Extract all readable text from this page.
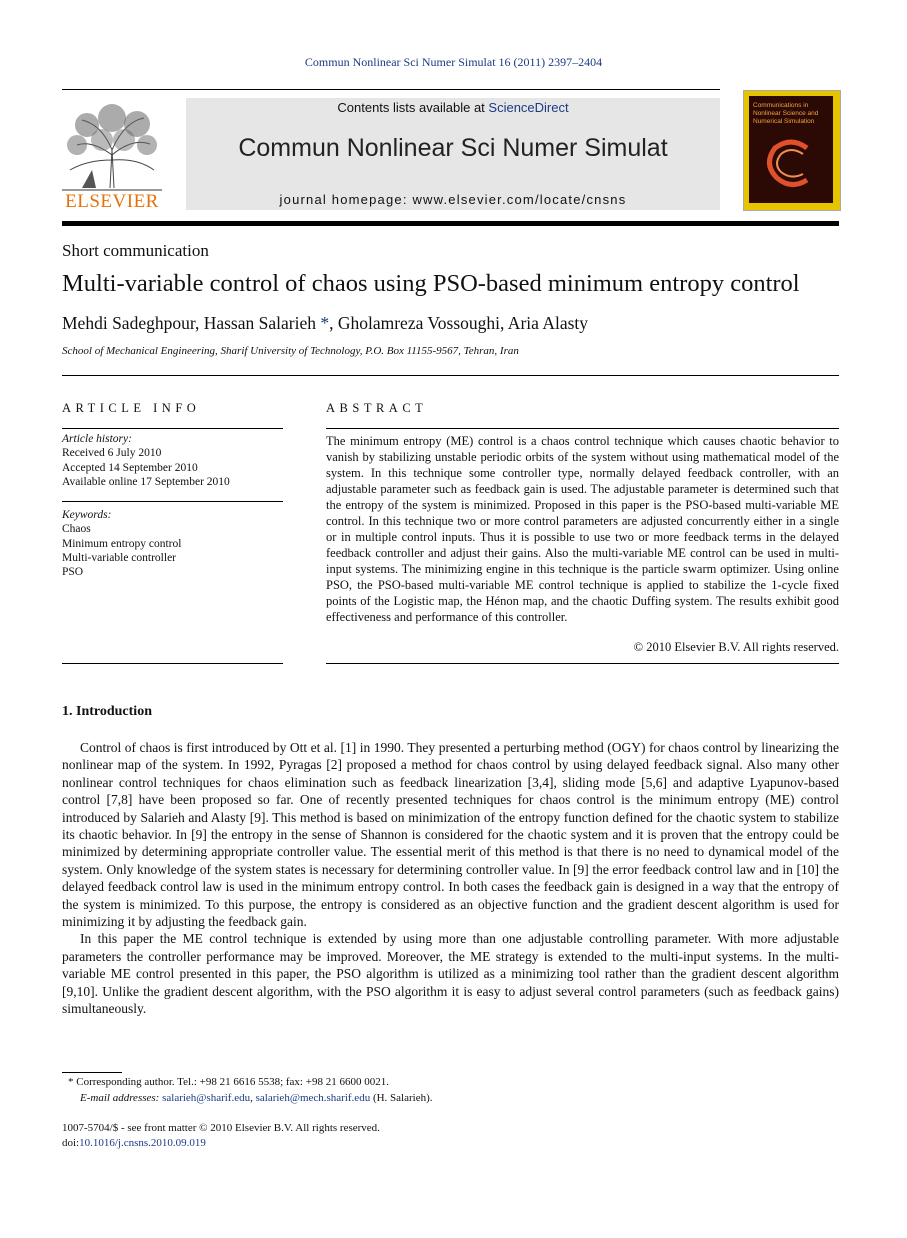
Commun Nonlinear Sci Numer Simulat 16 (2011) 2397–2404
ELSEVIER
Contents lists available at ScienceDirect
Commun Nonlinear Sci Numer Simulat
journal homepage: www.elsevier.com/locate/cnsns
Communications in Nonlinear Science and Numerical Simulation
Short communication
Multi-variable control of chaos using PSO-based minimum entropy control
Mehdi Sadeghpour, Hassan Salarieh *, Gholamreza Vossoughi, Aria Alasty
School of Mechanical Engineering, Sharif University of Technology, P.O. Box 11155-9567, Tehran, Iran
ARTICLE INFO
Article history:
Received 6 July 2010
Accepted 14 September 2010
Available online 17 September 2010
Keywords:
Chaos
Minimum entropy control
Multi-variable controller
PSO
ABSTRACT
The minimum entropy (ME) control is a chaos control technique which causes chaotic behavior to vanish by stabilizing unstable periodic orbits of the system without using mathematical model of the system. In this technique some controller type, normally delayed feedback controller, with an adjustable parameter such as feedback gain is used. The adjustable parameter is determined such that the entropy of the system is minimized. Proposed in this paper is the PSO-based multi-variable ME control. In this technique two or more control parameters are adjusted concurrently either in a single or in multiple control inputs. Thus it is possible to use two or more feedback terms in the delayed feedback controller and adjust their gains. Also the multi-variable ME control can be used in multi-input systems. The minimizing engine in this technique is the particle swarm optimizer. Using online PSO, the PSO-based multi-variable ME control technique is applied to stabilize the 1-cycle fixed points of the Logistic map, the Hénon map, and the chaotic Duffing system. The results exhibit good effectiveness and performance of this controller.
© 2010 Elsevier B.V. All rights reserved.
1. Introduction

Control of chaos is first introduced by Ott et al. [1] in 1990. They presented a perturbing method (OGY) for chaos control by linearizing the nonlinear map of the system. In 1992, Pyragas [2] proposed a method for chaos control by using delayed feedback signal. Also many other nonlinear control techniques for chaos elimination such as feedback linearization [3,4], sliding mode [5,6] and adaptive Lyapunov-based control [7,8] have been proposed so far. One of recently presented techniques for chaos control is the minimum entropy (ME) control introduced by Salarieh and Alasty [9]. This method is based on minimization of the entropy function defined for the chaotic system to stabilize its chaotic behavior. In [9] the entropy in the sense of Shannon is considered for the chaotic system and it is proven that the entropy could be minimized by determining appropriate controller value. The essential merit of this method is that there is no need to dynamical model of the system. Only knowledge of the system states is necessary for determining controller value. In [9] the error feedback control law and in [10] the delayed feedback control law is used in the minimum entropy control. In both cases the feedback gain is designed in a way that the entropy of the system is minimized. To this purpose, the entropy is considered as an objective function and the gradient descent algorithm is used for minimizing it by adjusting the feedback gain.

In this paper the ME control technique is extended by using more than one adjustable controlling parameter. With more adjustable parameters the controller performance may be improved. Moreover, the ME strategy is extended to the multi-input systems. In the multi-variable ME control presented in this paper, the PSO algorithm is utilized as a minimizing tool rather than the gradient descent algorithm [9,10]. Unlike the gradient descent algorithm, with the PSO algorithm it is easy to adjust several control parameters (such as feedback gains) simultaneously.

* Corresponding author. Tel.: +98 21 6616 5538; fax: +98 21 6600 0021.
E-mail addresses: salarieh@sharif.edu, salarieh@mech.sharif.edu (H. Salarieh).
1007-5704/$ - see front matter © 2010 Elsevier B.V. All rights reserved.
doi:10.1016/j.cnsns.2010.09.019
